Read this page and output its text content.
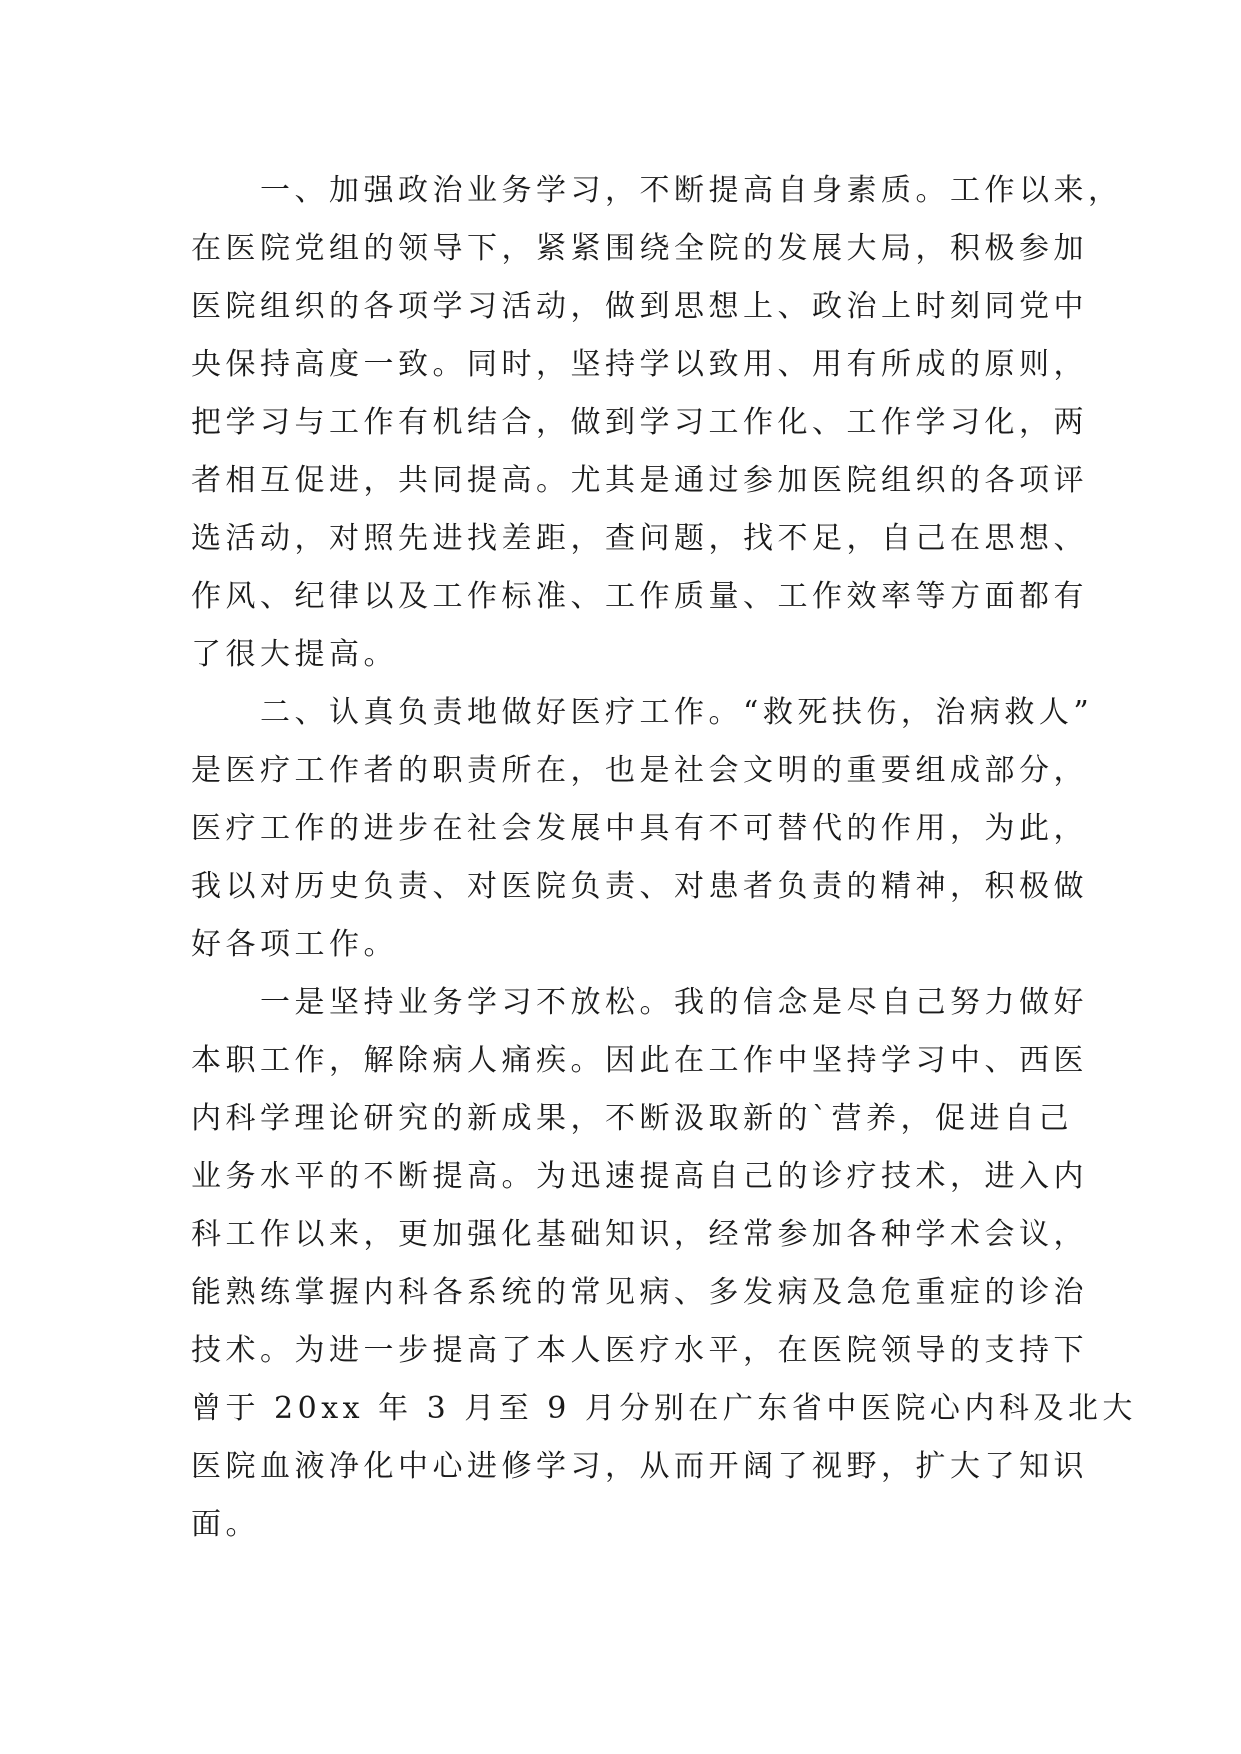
一、加强政治业务学习，不断提高自身素质。工作以来，
在医院党组的领导下，紧紧围绕全院的发展大局，积极参加
医院组织的各项学习活动，做到思想上、政治上时刻同党中
央保持高度一致。同时，坚持学以致用、用有所成的原则，
把学习与工作有机结合，做到学习工作化、工作学习化，两
者相互促进，共同提高。尤其是通过参加医院组织的各项评
选活动，对照先进找差距，查问题，找不足，自己在思想、
作风、纪律以及工作标准、工作质量、工作效率等方面都有
了很大提高。

二、认真负责地做好医疗工作。“救死扶伤，治病救人”
是医疗工作者的职责所在，也是社会文明的重要组成部分，
医疗工作的进步在社会发展中具有不可替代的作用，为此，
我以对历史负责、对医院负责、对患者负责的精神，积极做
好各项工作。

一是坚持业务学习不放松。我的信念是尽自己努力做好
本职工作，解除病人痛疾。因此在工作中坚持学习中、西医
内科学理论研究的新成果，不断汲取新的`营养，促进自己
业务水平的不断提高。为迅速提高自己的诊疗技术，进入内
科工作以来，更加强化基础知识，经常参加各种学术会议，
能熟练掌握内科各系统的常见病、多发病及急危重症的诊治
技术。为进一步提高了本人医疗水平，在医院领导的支持下
曾于 20xx 年 3 月至 9 月分别在广东省中医院心内科及北大
医院血液净化中心进修学习，从而开阔了视野，扩大了知识
面。
